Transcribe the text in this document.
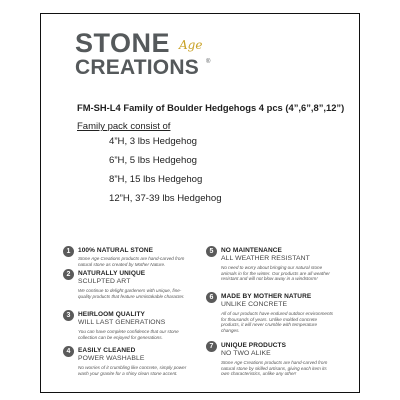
STONE Age
CREATIONS ®
FM-SH-L4 Family of Boulder Hedgehogs 4 pcs (4”,6”,8”,12”)
Family pack consist of
4”H, 3 lbs Hedgehog
6”H, 5 lbs Hedgehog
8”H, 15 lbs Hedgehog
12”H, 37-39 lbs Hedgehog
1	100% NATURAL STONE
Stone Age Creations products are hand-carved from natural stone as created by Mother Nature.
2	NATURALLY UNIQUE
SCULPTED ART
We continue to delight gardeners with unique, fine-quality products that feature unmistakable character.
3	HEIRLOOM QUALITY
WILL LAST GENERATIONS
You can have complete confidence that our stone collection can be enjoyed for generations.
4	EASILY CLEANED
POWER WASHABLE
No worries of it crumbling like concrete, simply power wash your granite for a shiny clean stone accent.
5	NO MAINTENANCE
ALL WEATHER RESISTANT
No need to worry about bringing our natural stone animals in for the winter. Our products are all weather resistant and will not blow away in a windstorm!
6	MADE BY MOTHER NATURE
UNLIKE CONCRETE
All of our products have endured outdoor environments for thousands of years. Unlike molded concrete products, it will never crumble with temperature changes.
7	UNIQUE PRODUCTS
NO TWO ALIKE
Stone Age Creations products are hand-carved from natural stone by skilled artisans, giving each item its own characteristics, unlike any other!
